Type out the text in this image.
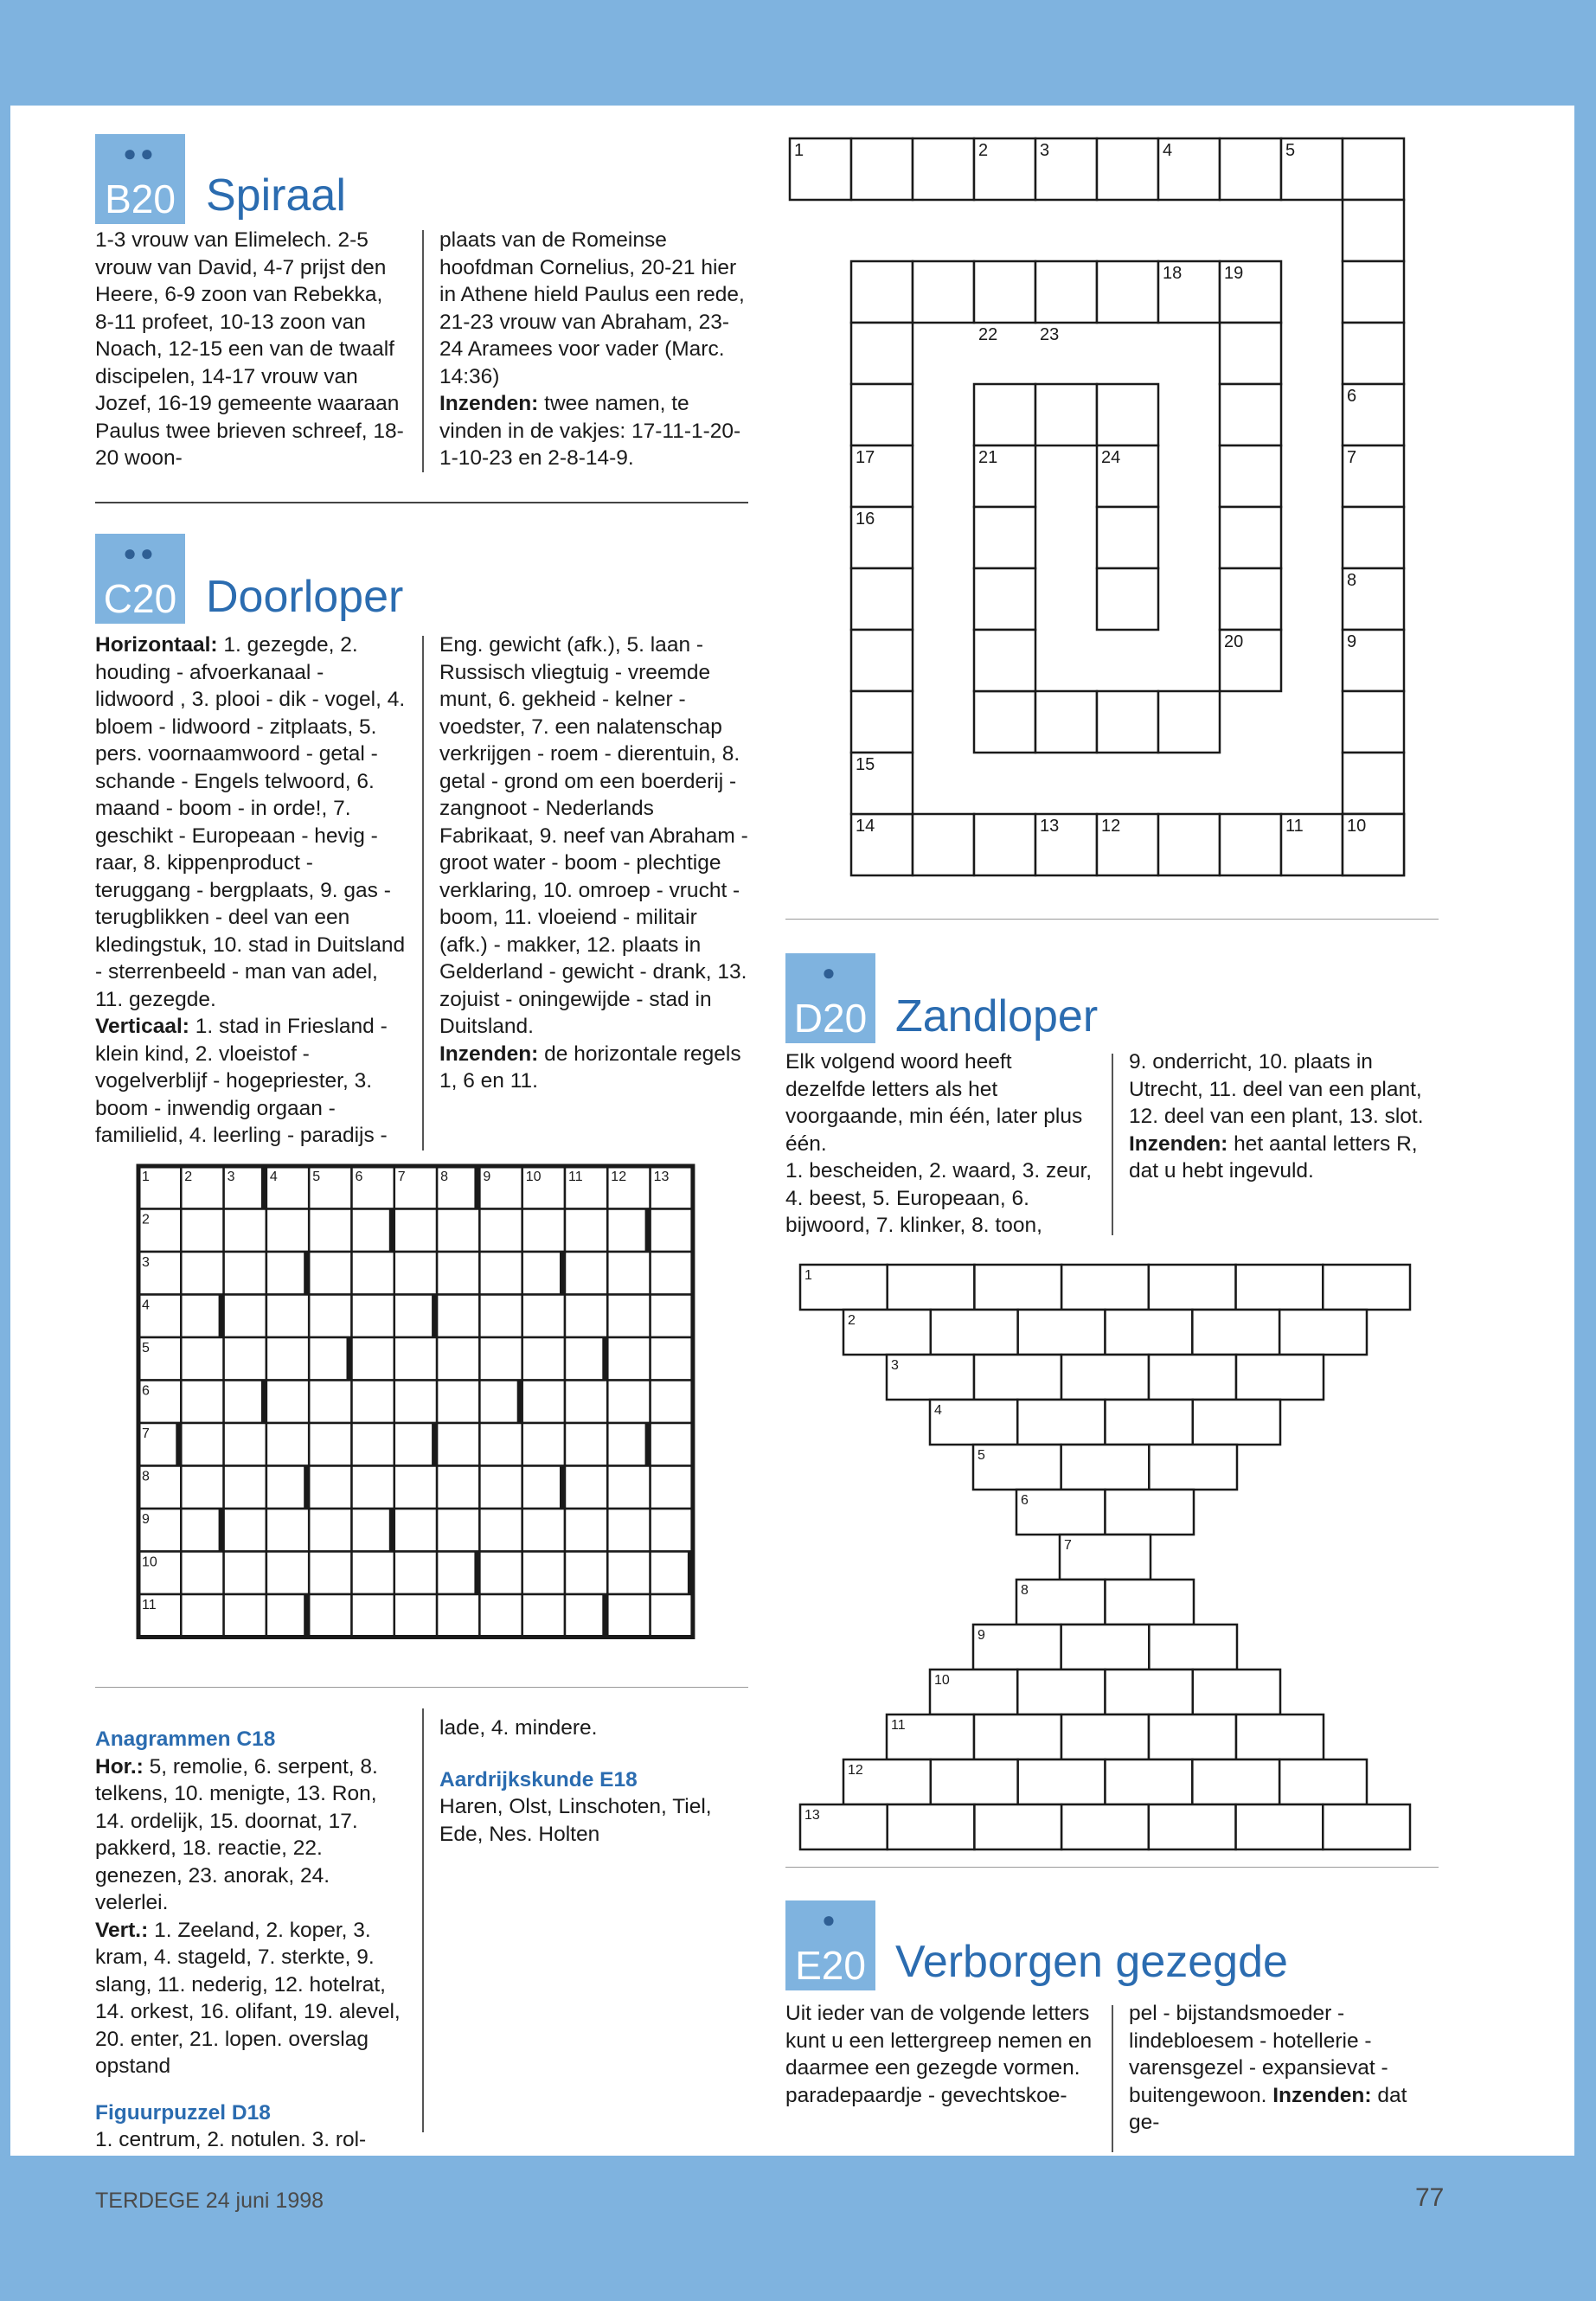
●●
B20 Spiraal

1-3 vrouw van Elimelech. 2-5 vrouw van David, 4-7 prijst den Heere, 6-9 zoon van Rebekka, 8-11 profeet, 10-13 zoon van Noach, 12-15 een van de twaalf discipelen, 14-17 vrouw van Jozef, 16-19 gemeente waaraan Paulus twee brieven schreef, 18-20 woon-

plaats van de Romeinse hoofdman Cornelius, 20-21 hier in Athene hield Paulus een rede, 21-23 vrouw van Abraham, 23-24 Aramees voor vader (Marc. 14:36)
Inzenden: twee namen, te vinden in de vakjes: 17-11-1-20-1-10-23 en 2-8-14-9.

1	2	3	4	5
6
7
8
9
10
11
12
13
14
15
16
17
18 19
20
21
22 23
24
●●
C20 Doorloper

Horizontaal: 1. gezegde, 2. houding - afvoerkanaal - lidwoord , 3. plooi - dik - vogel, 4. bloem - lidwoord - zitplaats, 5. pers. voornaamwoord - getal - schande - Engels telwoord, 6. maand - boom - in orde!, 7. geschikt - Europeaan - hevig - raar, 8. kippenproduct - teruggang - bergplaats, 9. gas - terugblikken - deel van een kledingstuk, 10. stad in Duitsland - sterrenbeeld - man van adel, 11. gezegde.
Verticaal: 1. stad in Friesland - klein kind, 2. vloeistof - vogelverblijf - hogepriester, 3. boom - inwendig orgaan - familielid, 4. leerling - paradijs -

Eng. gewicht (afk.), 5. laan - Russisch vliegtuig - vreemde munt, 6. gekheid - kelner - voedster, 7. een nalatenschap verkrijgen - roem - dierentuin, 8. getal - grond om een boerderij - zangnoot - Nederlands Fabrikaat, 9. neef van Abraham - groot water - boom - plechtige verklaring, 10. omroep - vrucht - boom, 11. vloeiend - militair (afk.) - makker, 12. plaats in Gelderland - gewicht - drank, 13. zojuist - oningewijde - stad in Duitsland.
Inzenden: de horizontale regels 1, 6 en 11.

1	2	3	4	5	6	7	8	9	10 11 12 13
2
3
4
5
6
7
8
9
10
11

Anagrammen C18

Hor.: 5, remolie, 6. serpent, 8. telkens, 10. menigte, 13. Ron, 14. ordelijk, 15. doornat, 17. pakkerd, 18. reactie, 22. genezen, 23. anorak, 24. velerlei.

Vert.: 1. Zeeland, 2. koper, 3. kram, 4. stageld, 7. sterkte, 9. slang, 11. nederig, 12. hotelrat, 14. orkest, 16. olifant, 19. alevel, 20. enter, 21. lopen. overslag opstand

Figuurpuzzel D18

1. centrum, 2. notulen. 3. rol-

lade, 4. mindere.

Aardrijkskunde E18

Haren, Olst, Linschoten, Tiel, Ede, Nes. Holten

●
D20 Zandloper

Elk volgend woord heeft dezelfde letters als het voorgaande, min één, later plus één.
1. bescheiden, 2. waard, 3. zeur, 4. beest, 5. Europeaan, 6. bijwoord, 7. klinker, 8. toon,

9. onderricht, 10. plaats in Utrecht, 11. deel van een plant, 12. deel van een plant, 13. slot.
Inzenden: het aantal letters R, dat u hebt ingevuld.

1
2
3
4
5
6
7
8
9
10
11
12
13
●
E20 Verborgen gezegde

Uit ieder van de volgende letters kunt u een lettergreep nemen en daarmee een gezegde vormen.
paradepaardje - gevechtskoe-

pel - bijstandsmoeder - lindebloesem - hotellerie - varensgezel - expansievat - buitengewoon. Inzenden: dat ge-

TERDEGE 24 juni 1998	77
